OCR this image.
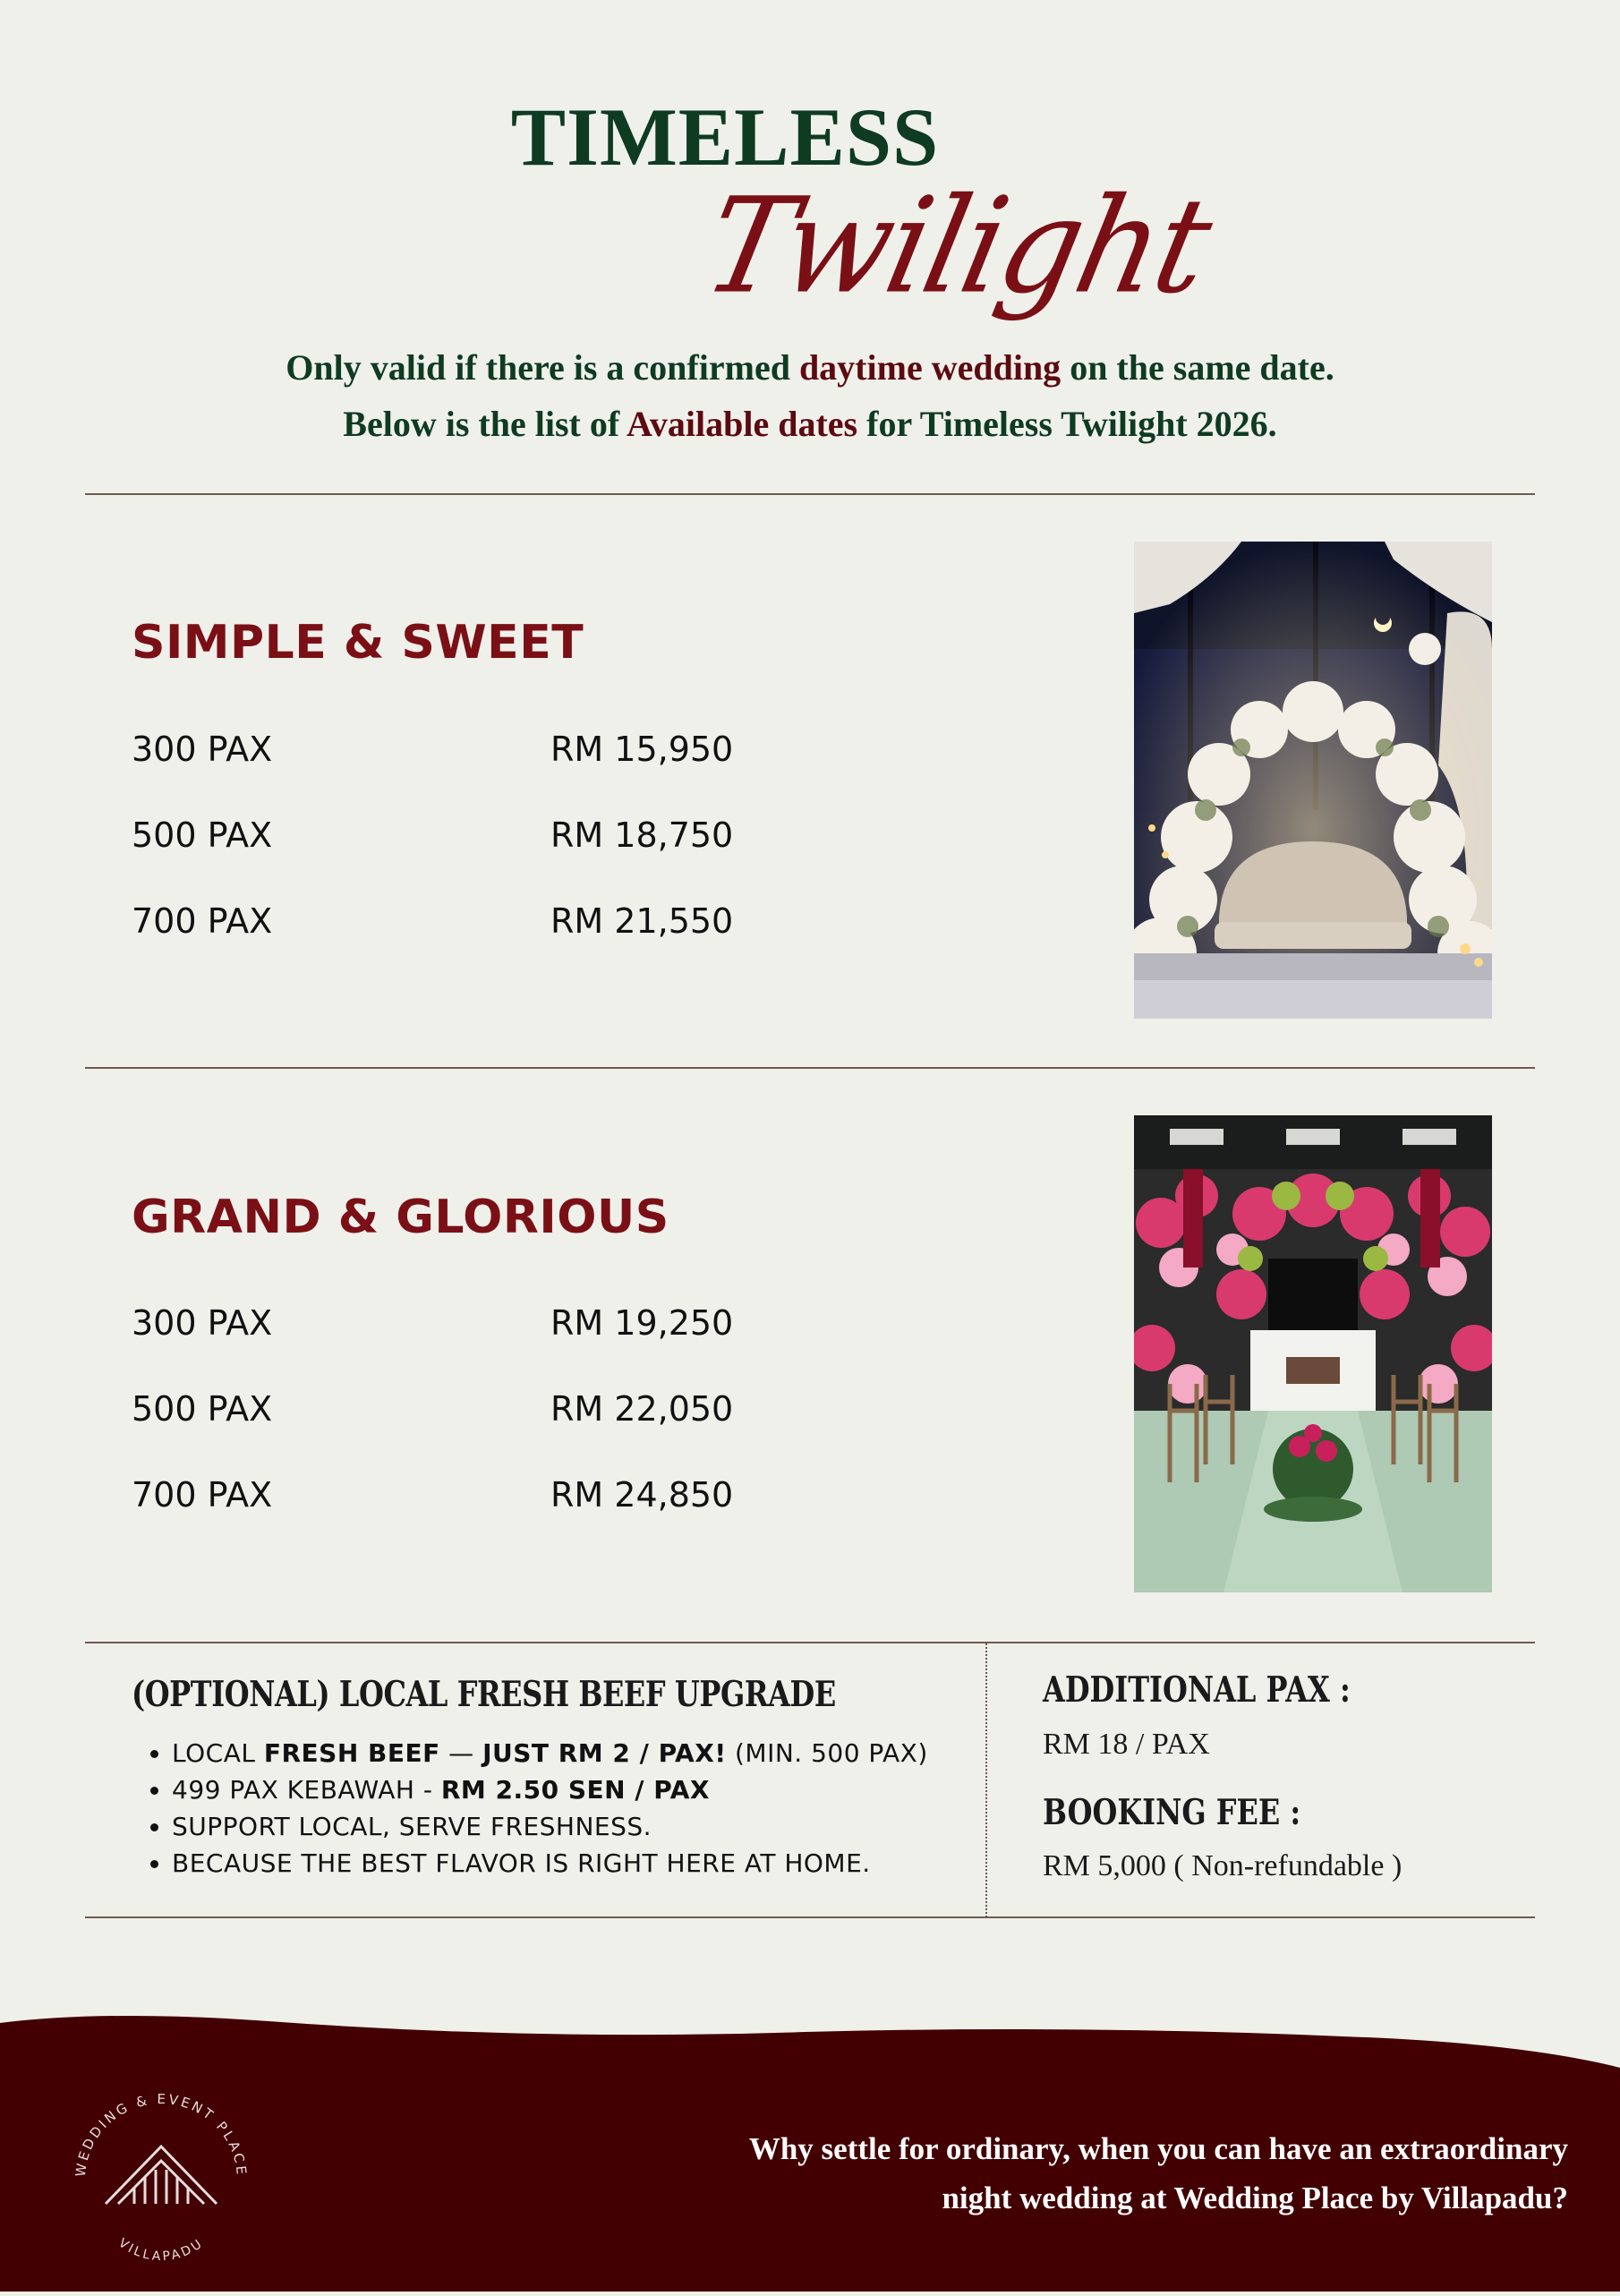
TIMELESS
Twilight
Only valid if there is a confirmed daytime wedding on the same date.
Below is the list of Available dates for Timeless Twilight 2026.
SIMPLE & SWEET
300 PAX	RM 15,950
500 PAX	RM 18,750
700 PAX	RM 21,550
GRAND & GLORIOUS
300 PAX	RM 19,250
500 PAX	RM 22,050
700 PAX	RM 24,850
(OPTIONAL) LOCAL FRESH BEEF UPGRADE
• LOCAL FRESH BEEF — JUST RM 2 / PAX! (MIN. 500 PAX)
• 499 PAX KEBAWAH - RM 2.50 SEN / PAX
• SUPPORT LOCAL, SERVE FRESHNESS.
• BECAUSE THE BEST FLAVOR IS RIGHT HERE AT HOME.
ADDITIONAL PAX :
RM 18 / PAX
BOOKING FEE :
RM 5,000 ( Non-refundable )
Why settle for ordinary, when you can have an extraordinary
night wedding at Wedding Place by Villapadu?
WEDDING & EVENT PLACE
VILLAPADU
